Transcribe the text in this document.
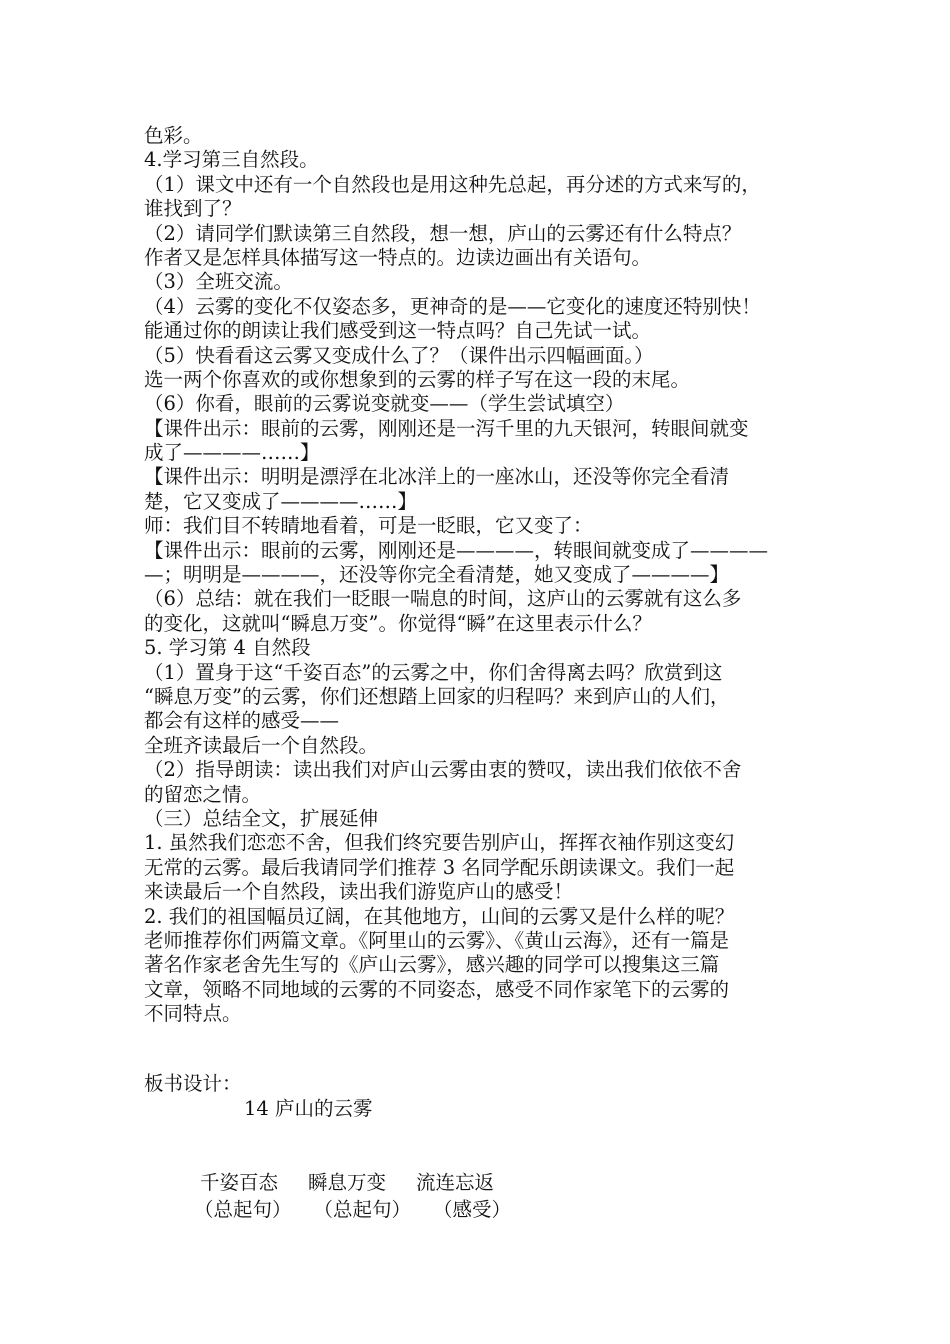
色彩。

4.学习第三自然段。

（1）课文中还有一个自然段也是用这种先总起，再分述的方式来写的，

谁找到了？

（2）请同学们默读第三自然段，想一想，庐山的云雾还有什么特点？

作者又是怎样具体描写这一特点的。边读边画出有关语句。

（3）全班交流。

（4）云雾的变化不仅姿态多，更神奇的是——它变化的速度还特别快！

能通过你的朗读让我们感受到这一特点吗？自己先试一试。

（5）快看看这云雾又变成什么了？（课件出示四幅画面。）

选一两个你喜欢的或你想象到的云雾的样子写在这一段的末尾。

（6）你看，眼前的云雾说变就变——（学生尝试填空）

【课件出示：眼前的云雾，刚刚还是一泻千里的九天银河，转眼间就变

成了————……】

【课件出示：明明是漂浮在北冰洋上的一座冰山，还没等你完全看清

楚，它又变成了————……】

师：我们目不转睛地看着，可是一眨眼，它又变了：

【课件出示：眼前的云雾，刚刚还是————，转眼间就变成了————

—；明明是————，还没等你完全看清楚，她又变成了————】

（6）总结：就在我们一眨眼一喘息的时间，这庐山的云雾就有这么多

的变化，这就叫“瞬息万变”。你觉得“瞬”在这里表示什么？

5. 学习第 4 自然段

（1）置身于这“千姿百态”的云雾之中，你们舍得离去吗？欣赏到这

“瞬息万变”的云雾，你们还想踏上回家的归程吗？来到庐山的人们，

都会有这样的感受——

全班齐读最后一个自然段。

（2）指导朗读：读出我们对庐山云雾由衷的赞叹，读出我们依依不舍

的留恋之情。

（三）总结全文，扩展延伸

1. 虽然我们恋恋不舍，但我们终究要告别庐山，挥挥衣袖作别这变幻

无常的云雾。最后我请同学们推荐 3 名同学配乐朗读课文。我们一起

来读最后一个自然段，读出我们游览庐山的感受！

2. 我们的祖国幅员辽阔，在其他地方，山间的云雾又是什么样的呢？

老师推荐你们两篇文章。《阿里山的云雾》、《黄山云海》，还有一篇是

著名作家老舍先生写的《庐山云雾》，感兴趣的同学可以搜集这三篇

文章，领略不同地域的云雾的不同姿态，感受不同作家笔下的云雾的

不同特点。

板书设计：
14 庐山的云雾
千姿百态 瞬息万变 流连忘返
（总起句） （总起句） （感受）
